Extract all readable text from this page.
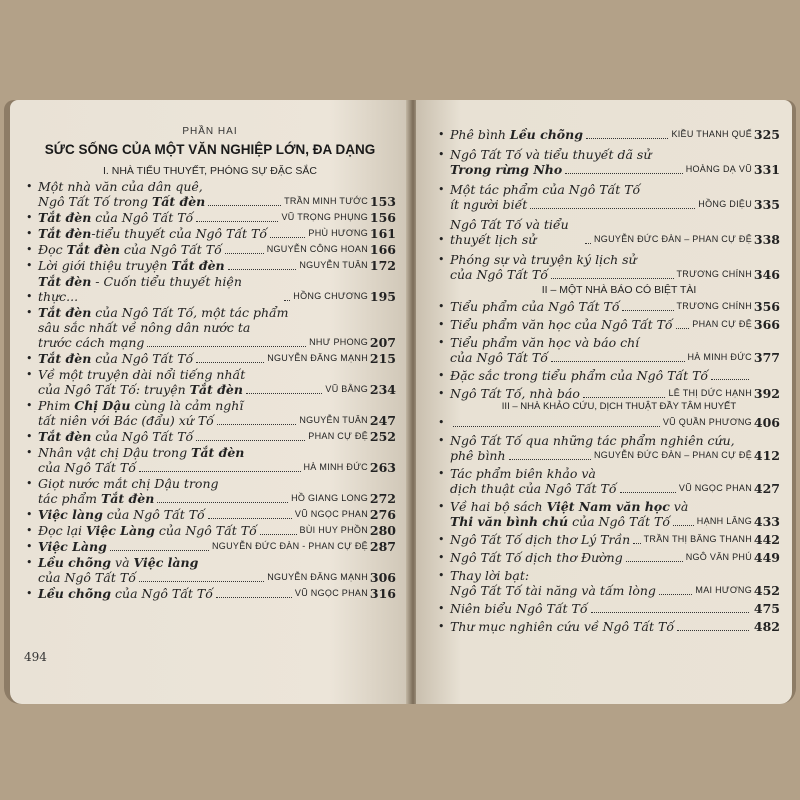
PHẦN HAI
SỨC SỐNG CỦA MỘT VĂN NGHIỆP LỚN, ĐA DẠNG
I. NHÀ TIỂU THUYẾT, PHÓNG SỰ ĐẶC SẮC
• Một nhà văn của dân quê,
Ngô Tất Tố trong Tất đèn	TRẦN MINH TƯỚC 153
• Tắt đèn của Ngô Tất Tố	VŨ TRỌNG PHỤNG 156
• Tắt đèn-tiểu thuyết của Ngô Tất Tố	PHÙ HƯƠNG 161
• Đọc Tắt đèn của Ngô Tất Tố	NGUYỄN CÔNG HOAN 166
• Lời giới thiệu truyện Tắt đèn	NGUYỄN TUÂN 172
•
Tắt đèn - Cuốn tiểu thuyết hiện thực...	HỒNG CHƯƠNG 195
• Tắt đèn của Ngô Tất Tố, một tác phẩm
sâu sắc nhất về nông dân nước ta
trước cách mạng	NHƯ PHONG 207
• Tắt đèn của Ngô Tất Tố	NGUYỄN ĐĂNG MẠNH 215
• Về một truyện dài nổi tiếng nhất
của Ngô Tất Tố: truyện Tắt đèn	VŨ BẰNG 234
• Phim Chị Dậu cùng là cảm nghĩ
tất niên với Bác (đẩu) xứ Tố	NGUYỄN TUÂN 247
• Tắt đèn của Ngô Tất Tố	PHAN CỰ ĐỆ 252
• Nhân vật chị Dậu trong Tắt đèn
của Ngô Tất Tố	HÀ MINH ĐỨC 263
• Giọt nước mắt chị Dậu trong
tác phẩm Tắt đèn	HỒ GIANG LONG 272
• Việc làng của Ngô Tất Tố	VŨ NGỌC PHAN 276
• Đọc lại Việc Làng của Ngô Tất Tố	BÙI HUY PHỒN 280
• Việc Làng	NGUYỄN ĐỨC ĐÀN - PHAN CỰ ĐỆ 287
• Lều chõng và Việc làng
của Ngô Tất Tố	NGUYỄN ĐĂNG MẠNH 306
• Lều chõng của Ngô Tất Tố	VŨ NGỌC PHAN 316
494
• Phê bình Lều chõng	KIỀU THANH QUẾ 325
• Ngô Tất Tố và tiểu thuyết dã sử
Trong rừng Nho	HOÀNG DẠ VŨ 331
• Một tác phẩm của Ngô Tất Tố
ít người biết	HỒNG DIỆU 335
•
Ngô Tất Tố và tiểu thuyết lịch sử	NGUYỄN ĐỨC ĐÀN – PHAN CỰ ĐỆ 338
• Phóng sự và truyện ký lịch sử
của Ngô Tất Tố	TRƯƠNG CHÍNH 346
II – MỘT NHÀ BÁO CÓ BIỆT TÀI
• Tiểu phẩm của Ngô Tất Tố	TRƯƠNG CHÍNH 356
• Tiểu phẩm văn học của Ngô Tất Tố PHAN CỰ ĐỆ 366
• Tiểu phẩm văn học và báo chí
của Ngô Tất Tố	HÀ MINH ĐỨC 377
• Đặc sắc trong tiểu phẩm của Ngô Tất Tố
• Ngô Tất Tố, nhà báo	LÊ THỊ DỨC HẠNH 392
III – NHÀ KHẢO CỨU, DỊCH THUẬT ĐẦY TÂM HUYẾT
•	VŨ QUẦN PHƯƠNG 406
• Ngô Tất Tố qua những tác phẩm nghiên cứu,
phê bình	NGUYỄN ĐỨC ĐÀN – PHAN CỰ ĐỆ 412
• Tác phẩm biên khảo và
dịch thuật của Ngô Tất Tố	VŨ NGỌC PHAN 427
• Về hai bộ sách Việt Nam văn học và
Thi văn bình chú của Ngô Tất Tố	HẠNH LÂNG 433
• Ngô Tất Tố dịch thơ Lý Trần TRẦN THỊ BĂNG THANH 442
• Ngô Tất Tố dịch thơ Đường	NGÔ VĂN PHÚ 449
• Thay lời bạt:
Ngô Tất Tố tài năng và tấm lòng	MAI HƯƠNG 452
• Niên biểu Ngô Tất Tố	475
• Thư mục nghiên cứu về Ngô Tất Tố	482
